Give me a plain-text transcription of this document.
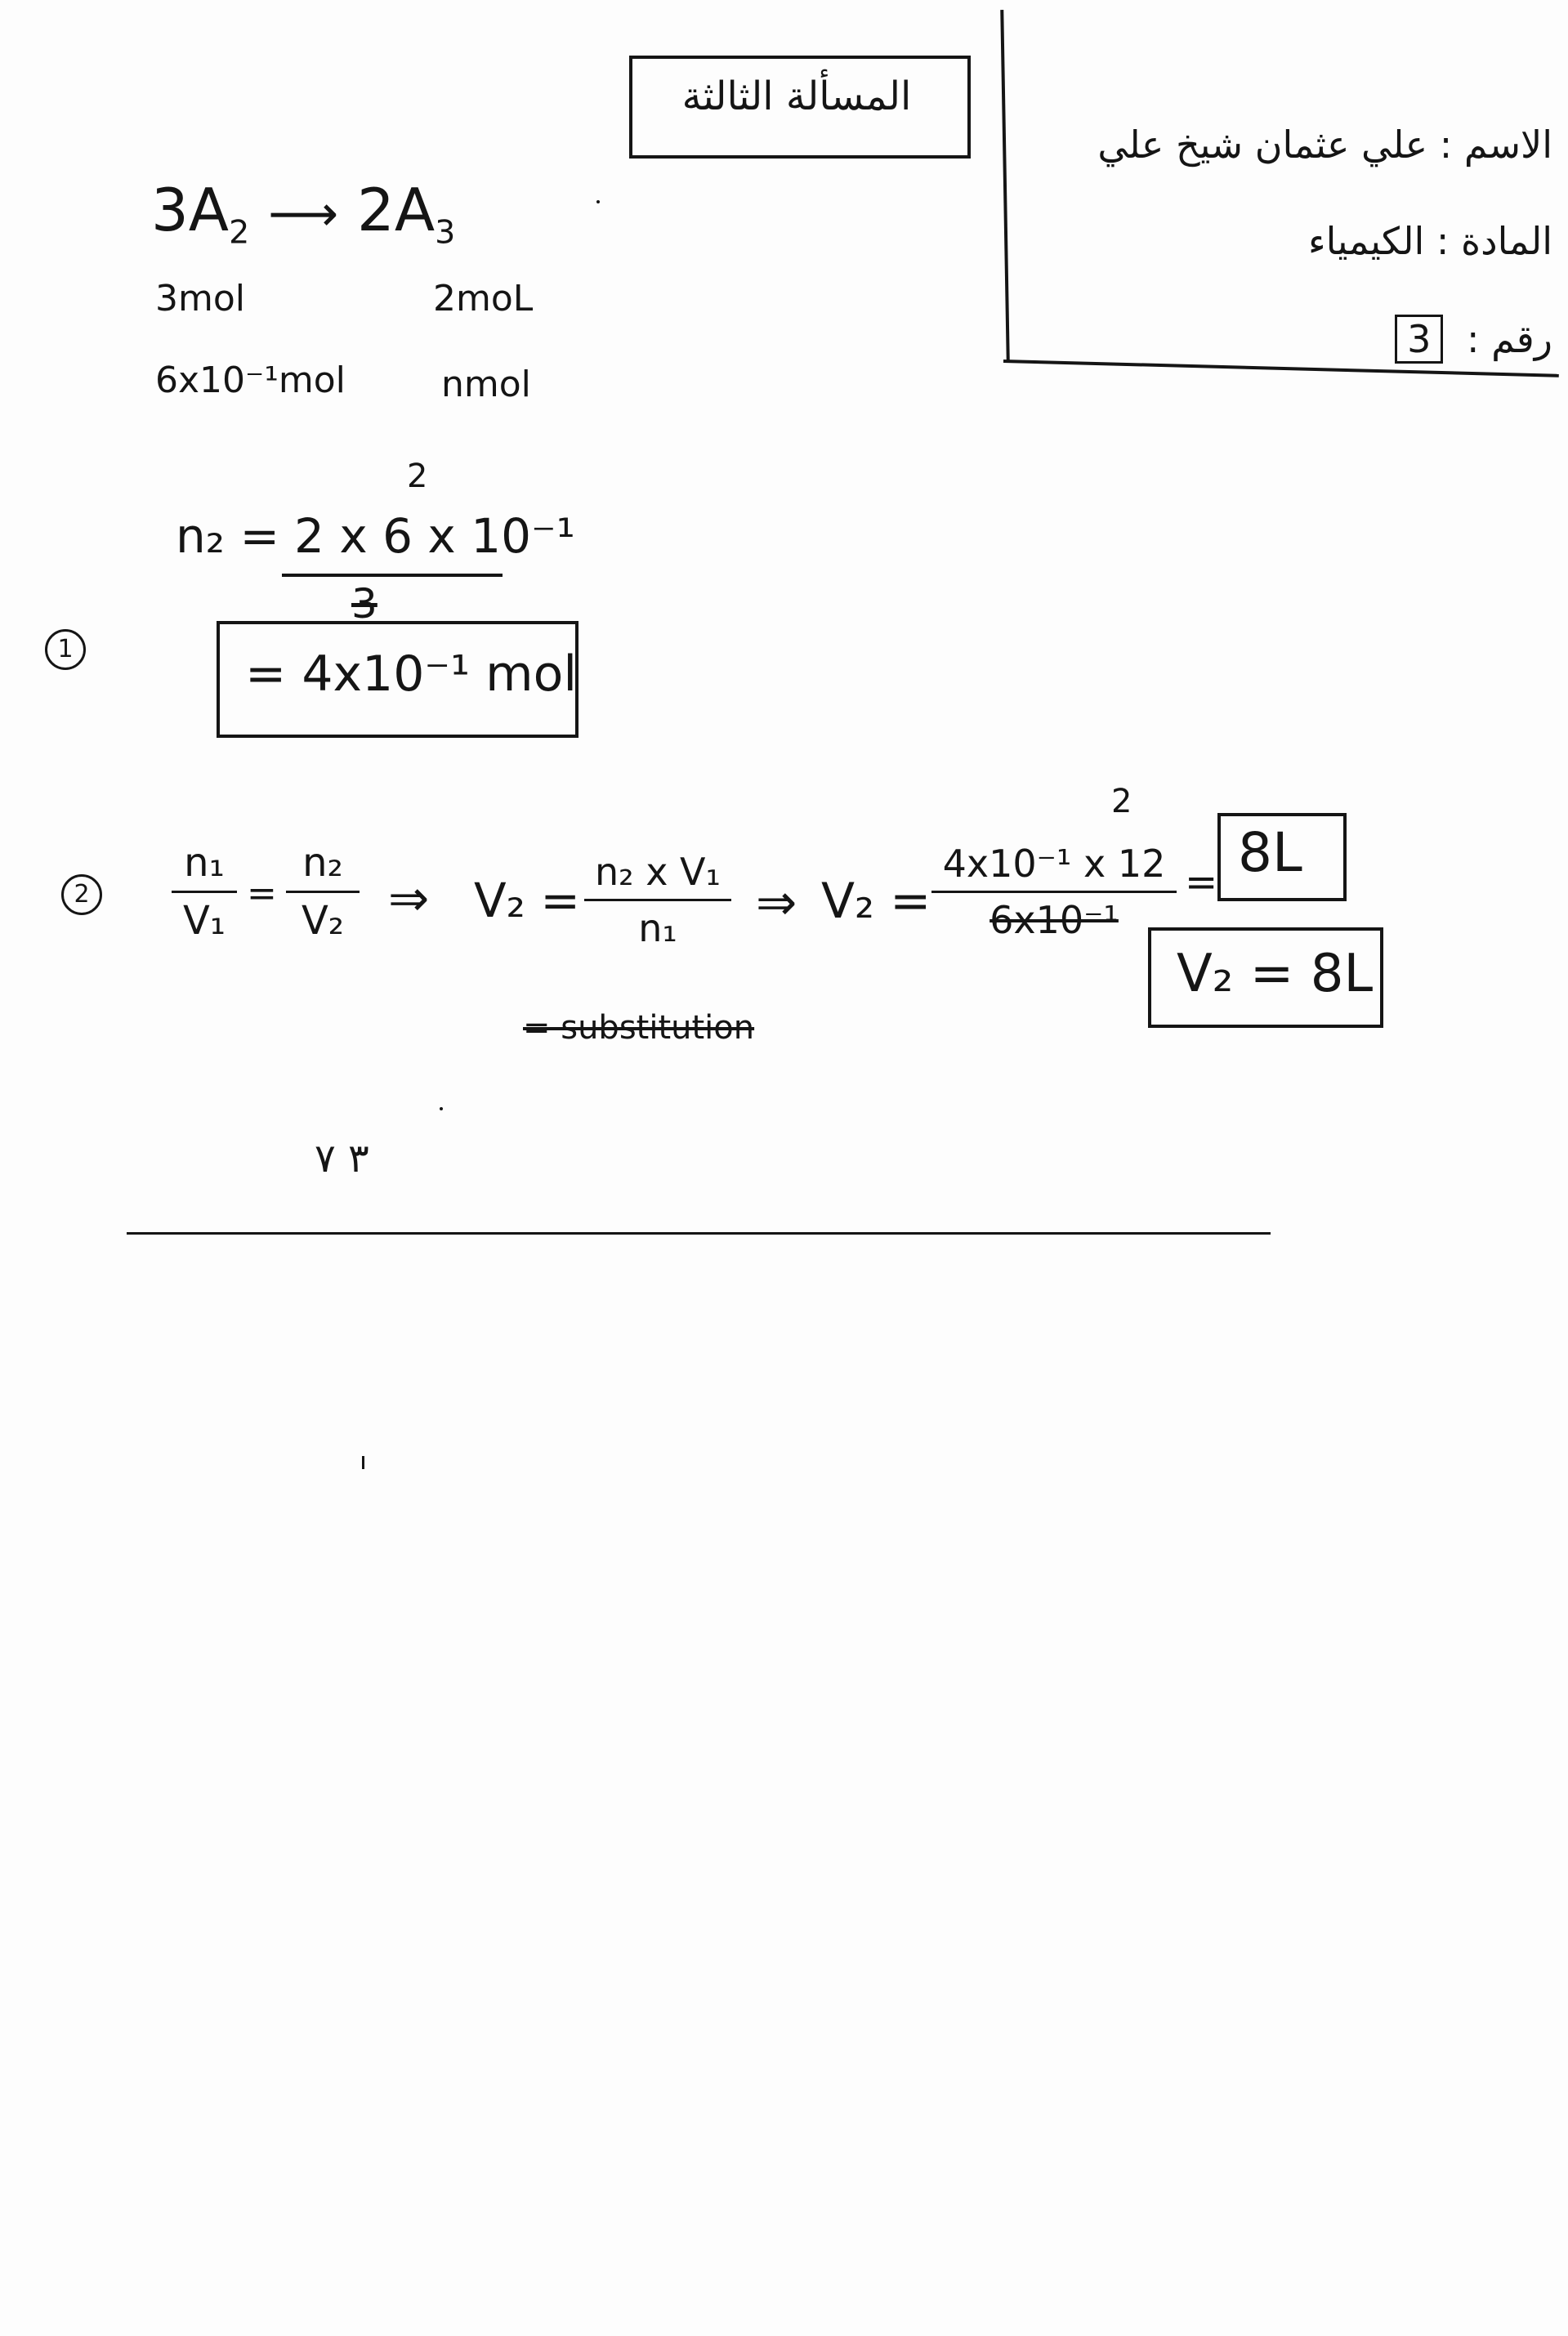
المسألة الثالثة
الاسم : علي عثمان شيخ علي
المادة : الكيمياء
رقم : 3
$3A_2$ ⟶ $2A_3$
3mol	2moL
6x10⁻¹mol	nmol
2
n₂ = 2 x 6 x 10⁻¹
3
1	= 4x10⁻¹ mol
2
n₁
V₁
=
n₂
V₂ ⇒ V₂ =
n₂ x V₁
n₁	⇒ V₂ =
2
4x10⁻¹ x 12
6x10⁻¹
= 8L
V₂ = 8L
= substitution
٣ ٧
